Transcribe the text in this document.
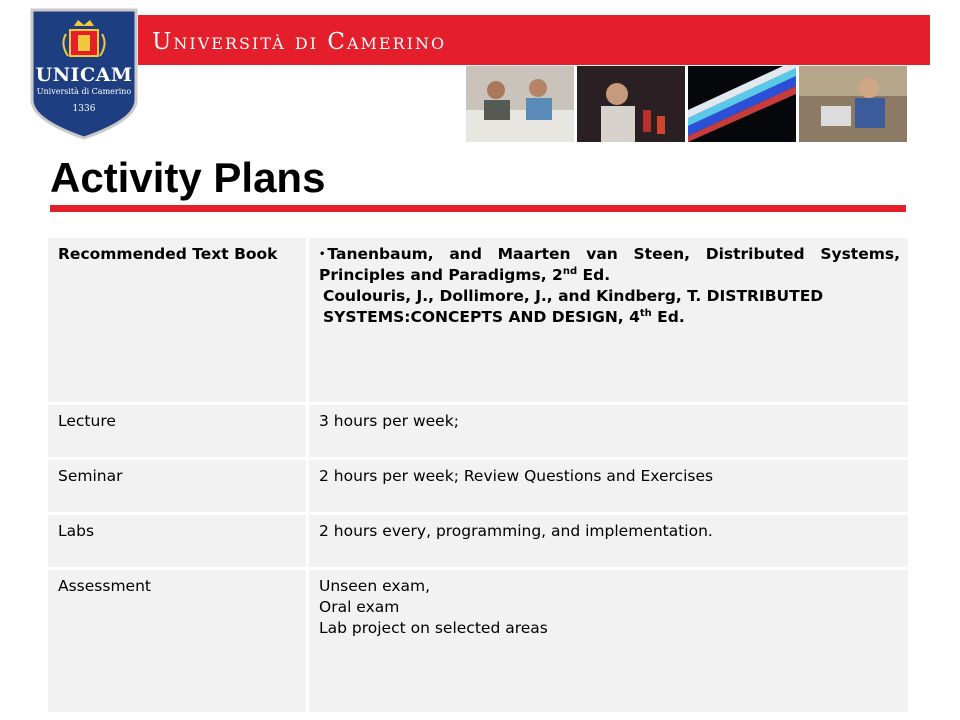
UNICAM
Università di Camerino
1336
Università di Camerino
Activity Plans
Recommended Text Book	• Tanenbaum, and Maarten van Steen, Distributed Systems, Principles and Paradigms, 2nd Ed.

Coulouris, J., Dollimore, J., and Kindberg, T. DISTRIBUTED SYSTEMS:CONCEPTS AND DESIGN, 4th Ed.

Lecture	3 hours per week;
Seminar	2 hours per week; Review Questions and Exercises
Labs	2 hours every, programming, and implementation.
Assessment	Unseen exam,
Oral exam
Lab project on selected areas
